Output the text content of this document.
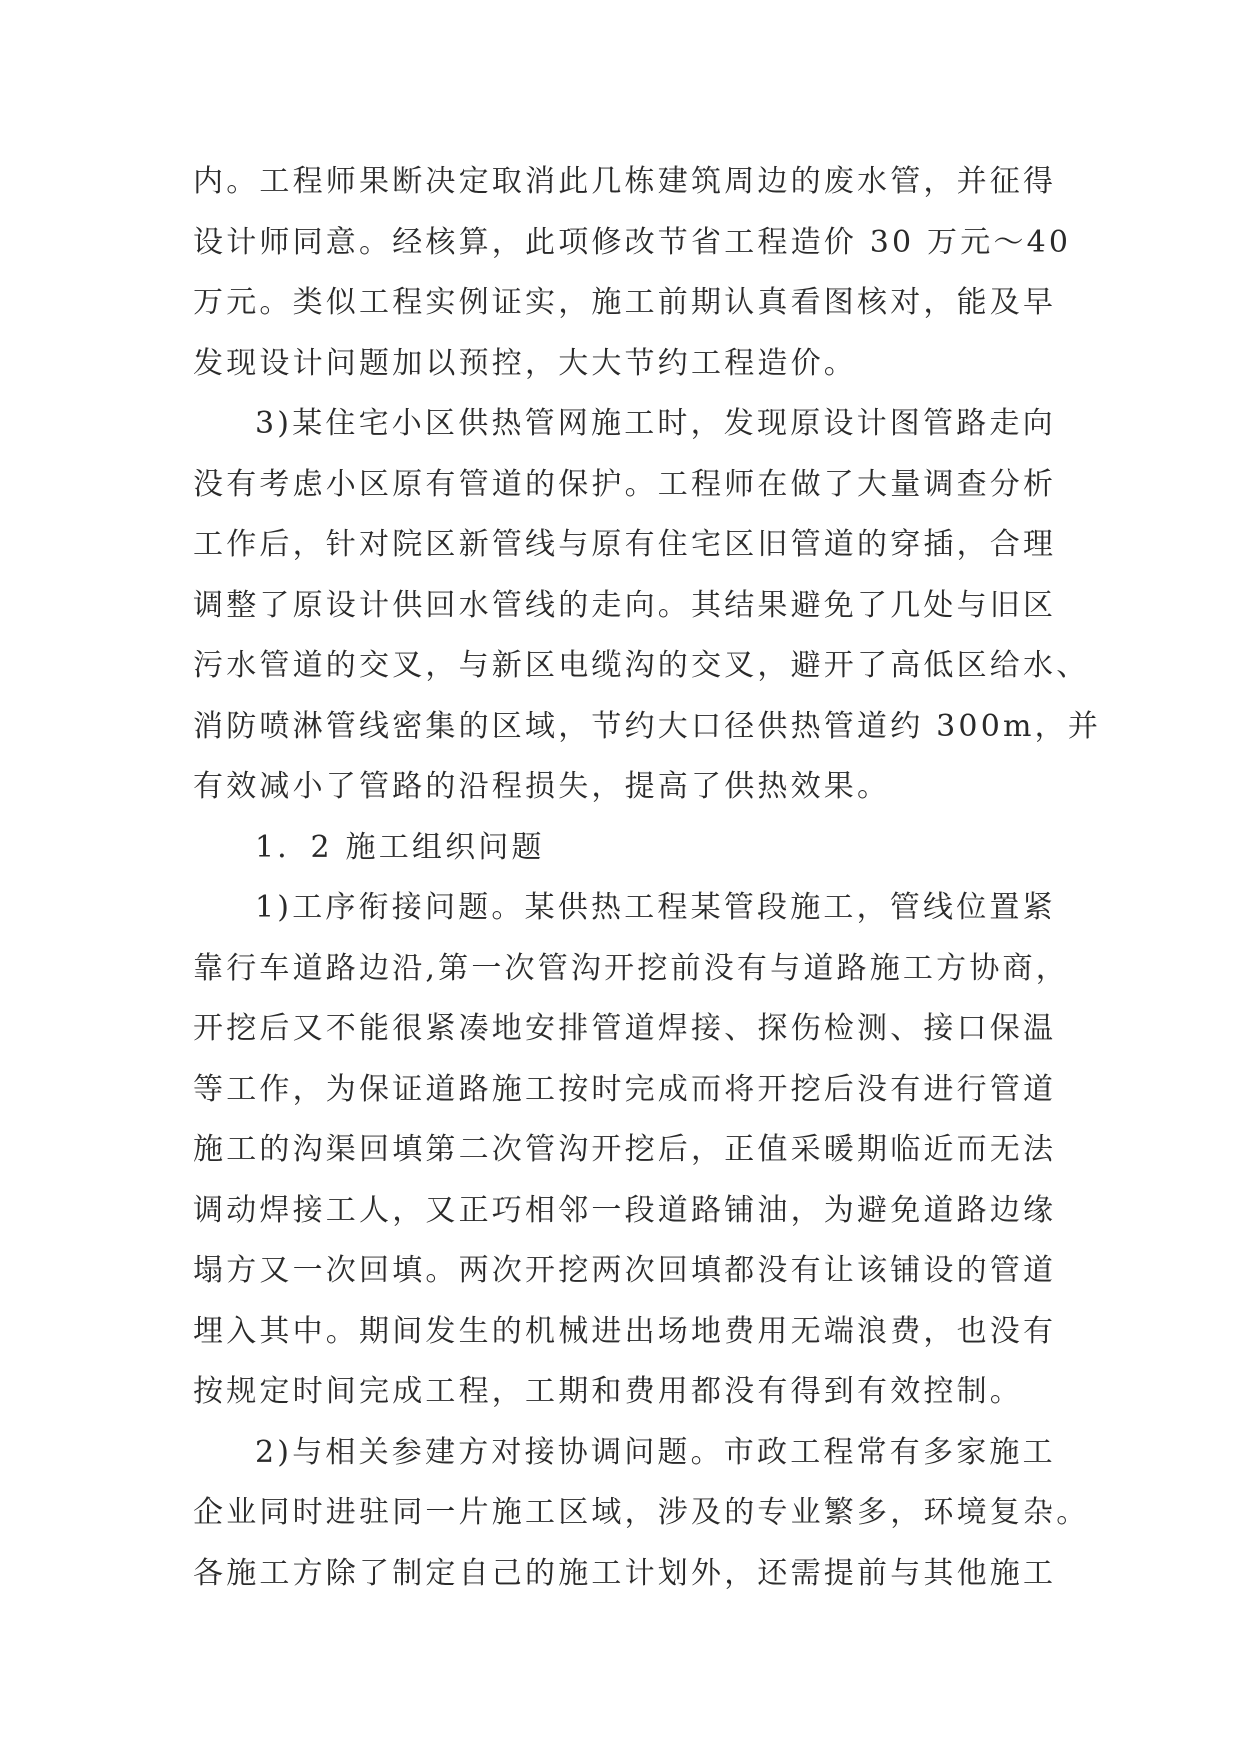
内。工程师果断决定取消此几栋建筑周边的废水管，并征得
设计师同意。经核算，此项修改节省工程造价 30 万元～40
万元。类似工程实例证实，施工前期认真看图核对，能及早
发现设计问题加以预控，大大节约工程造价。
3)某住宅小区供热管网施工时，发现原设计图管路走向
没有考虑小区原有管道的保护。工程师在做了大量调查分析
工作后，针对院区新管线与原有住宅区旧管道的穿插，合理
调整了原设计供回水管线的走向。其结果避免了几处与旧区
污水管道的交叉，与新区电缆沟的交叉，避开了高低区给水、
消防喷淋管线密集的区域，节约大口径供热管道约 300m，并
有效减小了管路的沿程损失，提高了供热效果。
1．2 施工组织问题
1)工序衔接问题。某供热工程某管段施工，管线位置紧
靠行车道路边沿,第一次管沟开挖前没有与道路施工方协商，
开挖后又不能很紧凑地安排管道焊接、探伤检测、接口保温
等工作，为保证道路施工按时完成而将开挖后没有进行管道
施工的沟渠回填第二次管沟开挖后，正值采暖期临近而无法
调动焊接工人，又正巧相邻一段道路铺油，为避免道路边缘
塌方又一次回填。两次开挖两次回填都没有让该铺设的管道
埋入其中。期间发生的机械进出场地费用无端浪费，也没有
按规定时间完成工程，工期和费用都没有得到有效控制。
2)与相关参建方对接协调问题。市政工程常有多家施工
企业同时进驻同一片施工区域，涉及的专业繁多，环境复杂。
各施工方除了制定自己的施工计划外，还需提前与其他施工
